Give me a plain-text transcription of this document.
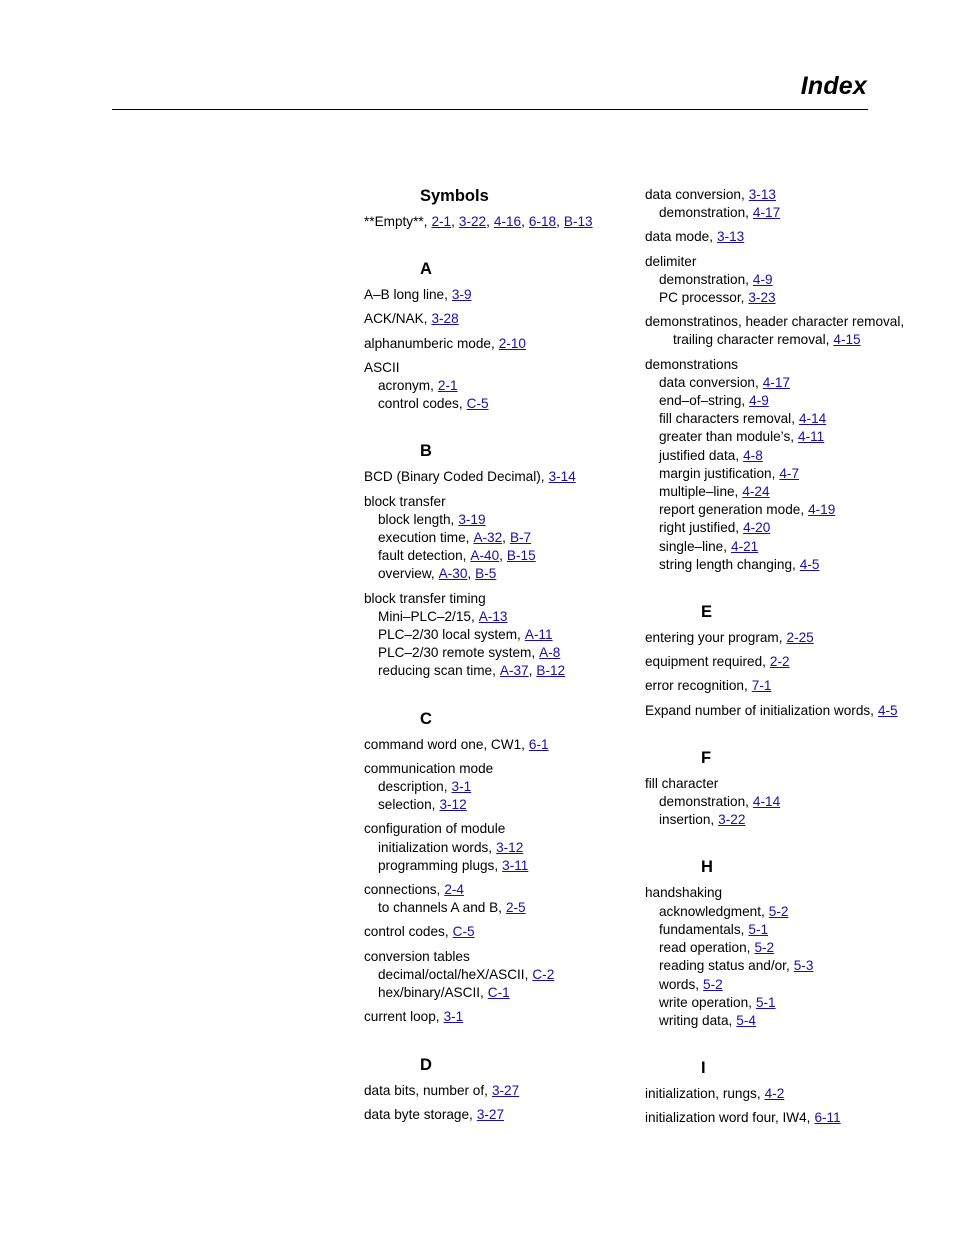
Index
Symbols
**Empty**, 2-1, 3-22, 4-16, 6-18, B-13
A
A–B long line, 3-9
ACK/NAK, 3-28
alphanumberic mode, 2-10
ASCII
acronym, 2-1
control codes, C-5
B
BCD (Binary Coded Decimal), 3-14
block transfer
block length, 3-19
execution time, A-32, B-7
fault detection, A-40, B-15
overview, A-30, B-5
block transfer timing
Mini–PLC–2/15, A-13
PLC–2/30 local system, A-11
PLC–2/30 remote system, A-8
reducing scan time, A-37, B-12
C
command word one, CW1, 6-1
communication mode
description, 3-1
selection, 3-12
configuration of module
initialization words, 3-12
programming plugs, 3-11
connections, 2-4
to channels A and B, 2-5
control codes, C-5
conversion tables
decimal/octal/heX/ASCII, C-2
hex/binary/ASCII, C-1
current loop, 3-1
D
data bits, number of, 3-27
data byte storage, 3-27
data conversion, 3-13
demonstration, 4-17
data mode, 3-13
delimiter
demonstration, 4-9
PC processor, 3-23
demonstratinos, header character removal,
trailing character removal, 4-15
demonstrations
data conversion, 4-17
end–of–string, 4-9
fill characters removal, 4-14
greater than module’s, 4-11
justified data, 4-8
margin justification, 4-7
multiple–line, 4-24
report generation mode, 4-19
right justified, 4-20
single–line, 4-21
string length changing, 4-5
E
entering your program, 2-25
equipment required, 2-2
error recognition, 7-1
Expand number of initialization words, 4-5
F
fill character
demonstration, 4-14
insertion, 3-22
H
handshaking
acknowledgment, 5-2
fundamentals, 5-1
read operation, 5-2
reading status and/or, 5-3
words, 5-2
write operation, 5-1
writing data, 5-4
I
initialization, rungs, 4-2
initialization word four, IW4, 6-11
